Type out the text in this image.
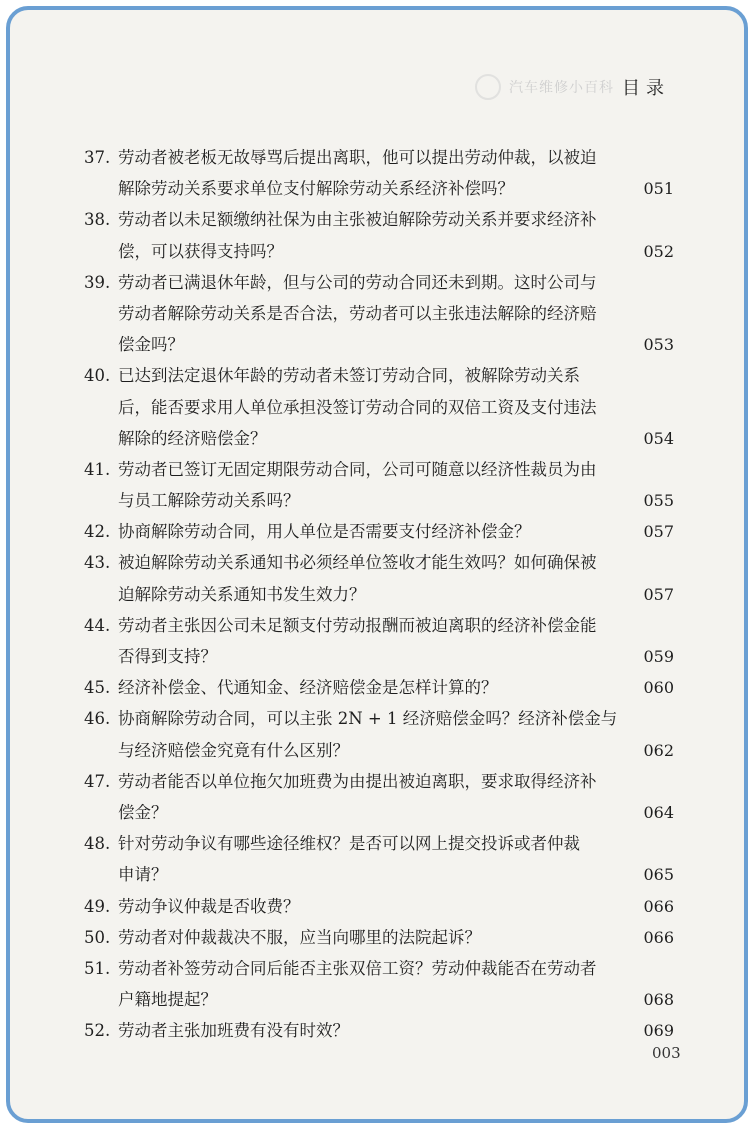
汽车维修小百科 目录
37. 劳动者被老板无故辱骂后提出离职，他可以提出劳动仲裁，以被迫
解除劳动关系要求单位支付解除劳动关系经济补偿吗？	051
38. 劳动者以未足额缴纳社保为由主张被迫解除劳动关系并要求经济补
偿，可以获得支持吗？	052
39. 劳动者已满退休年龄，但与公司的劳动合同还未到期。这时公司与
劳动者解除劳动关系是否合法，劳动者可以主张违法解除的经济赔
偿金吗？	053
40. 已达到法定退休年龄的劳动者未签订劳动合同，被解除劳动关系
后，能否要求用人单位承担没签订劳动合同的双倍工资及支付违法
解除的经济赔偿金？	054
41. 劳动者已签订无固定期限劳动合同，公司可随意以经济性裁员为由
与员工解除劳动关系吗？	055
42. 协商解除劳动合同，用人单位是否需要支付经济补偿金？	057
43. 被迫解除劳动关系通知书必须经单位签收才能生效吗？如何确保被
迫解除劳动关系通知书发生效力？	057
44. 劳动者主张因公司未足额支付劳动报酬而被迫离职的经济补偿金能
否得到支持？	059
45. 经济补偿金、代通知金、经济赔偿金是怎样计算的？	060
46. 协商解除劳动合同，可以主张 2N + 1 经济赔偿金吗？经济补偿金与
与经济赔偿金究竟有什么区别？	062
47. 劳动者能否以单位拖欠加班费为由提出被迫离职，要求取得经济补
偿金？	064
48. 针对劳动争议有哪些途径维权？是否可以网上提交投诉或者仲裁
申请？	065
49. 劳动争议仲裁是否收费？	066
50. 劳动者对仲裁裁决不服，应当向哪里的法院起诉？	066
51. 劳动者补签劳动合同后能否主张双倍工资？劳动仲裁能否在劳动者
户籍地提起？	068
52. 劳动者主张加班费有没有时效？	069
003
